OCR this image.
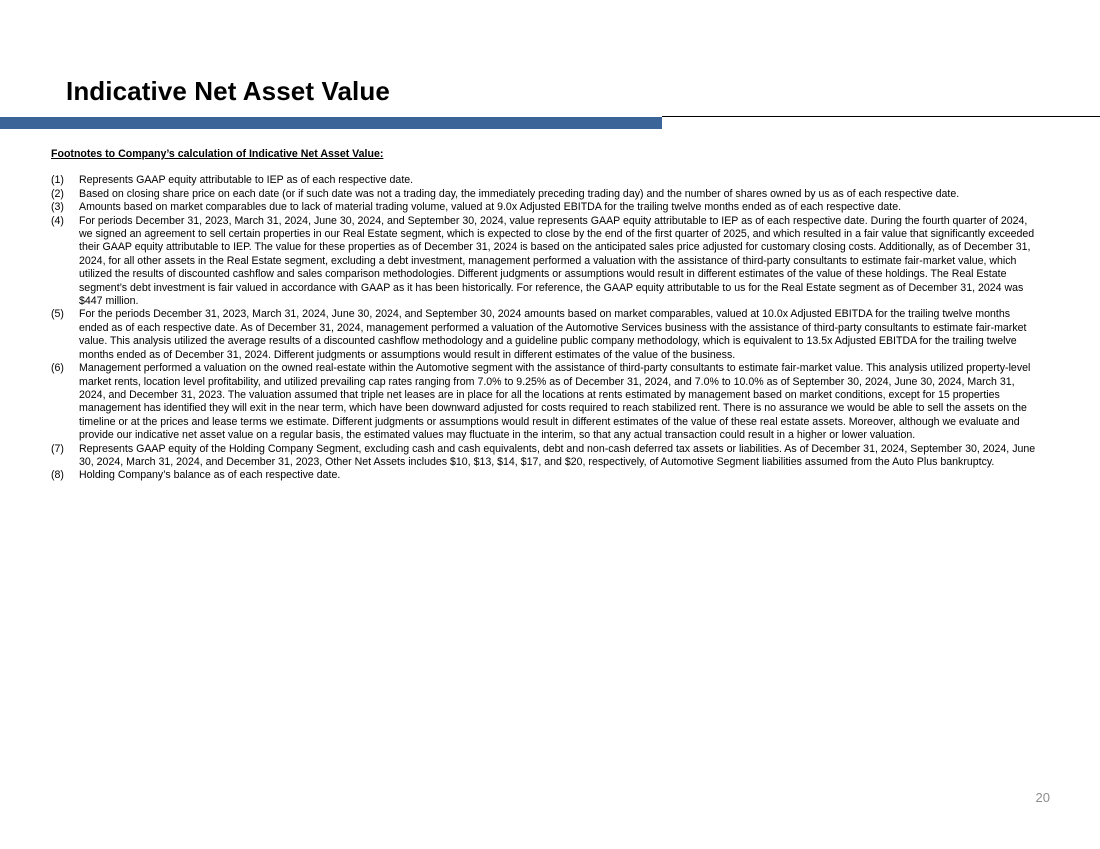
Indicative Net Asset Value

Footnotes to Company’s calculation of Indicative Net Asset Value:

(1)	Represents GAAP equity attributable to IEP as of each respective date.
(2)	Based on closing share price on each date (or if such date was not a trading day, the immediately preceding trading day) and the number of shares owned by us as of each respective date.
(3)	Amounts based on market comparables due to lack of material trading volume, valued at 9.0x Adjusted EBITDA for the trailing twelve months ended as of each respective date.
(4)	For periods December 31, 2023, March 31, 2024, June 30, 2024, and September 30, 2024, value represents GAAP equity attributable to IEP as of each respective date. During the fourth quarter of 2024, we signed an agreement to sell certain properties in our Real Estate segment, which is expected to close by the end of the first quarter of 2025, and which resulted in a fair value that significantly exceeded their GAAP equity attributable to IEP. The value for these properties as of December 31, 2024 is based on the anticipated sales price adjusted for customary closing costs. Additionally, as of December 31, 2024, for all other assets in the Real Estate segment, excluding a debt investment, management performed a valuation with the assistance of third-party consultants to estimate fair-market value, which utilized the results of discounted cashflow and sales comparison methodologies. Different judgments or assumptions would result in different estimates of the value of these holdings. The Real Estate segment’s debt investment is fair valued in accordance with GAAP as it has been historically. For reference, the GAAP equity attributable to us for the Real Estate segment as of December 31, 2024 was $447 million.
(5)	For the periods December 31, 2023, March 31, 2024, June 30, 2024, and September 30, 2024 amounts based on market comparables, valued at 10.0x Adjusted EBITDA for the trailing twelve months ended as of each respective date. As of December 31, 2024, management performed a valuation of the Automotive Services business with the assistance of third-party consultants to estimate fair-market value. This analysis utilized the average results of a discounted cashflow methodology and a guideline public company methodology, which is equivalent to 13.5x Adjusted EBITDA for the trailing twelve months ended as of December 31, 2024. Different judgments or assumptions would result in different estimates of the value of the business.
(6)	Management performed a valuation on the owned real-estate within the Automotive segment with the assistance of third-party consultants to estimate fair-market value. This analysis utilized property-level market rents, location level profitability, and utilized prevailing cap rates ranging from 7.0% to 9.25% as of December 31, 2024, and 7.0% to 10.0% as of September 30, 2024, June 30, 2024, March 31, 2024, and December 31, 2023. The valuation assumed that triple net leases are in place for all the locations at rents estimated by management based on market conditions, except for 15 properties management has identified they will exit in the near term, which have been downward adjusted for costs required to reach stabilized rent. There is no assurance we would be able to sell the assets on the timeline or at the prices and lease terms we estimate. Different judgments or assumptions would result in different estimates of the value of these real estate assets. Moreover, although we evaluate and provide our indicative net asset value on a regular basis, the estimated values may fluctuate in the interim, so that any actual transaction could result in a higher or lower valuation.
(7)	Represents GAAP equity of the Holding Company Segment, excluding cash and cash equivalents, debt and non-cash deferred tax assets or liabilities. As of December 31, 2024, September 30, 2024, June 30, 2024, March 31, 2024, and December 31, 2023, Other Net Assets includes $10, $13, $14, $17, and $20, respectively, of Automotive Segment liabilities assumed from the Auto Plus bankruptcy.
(8)	Holding Company’s balance as of each respective date.
20
